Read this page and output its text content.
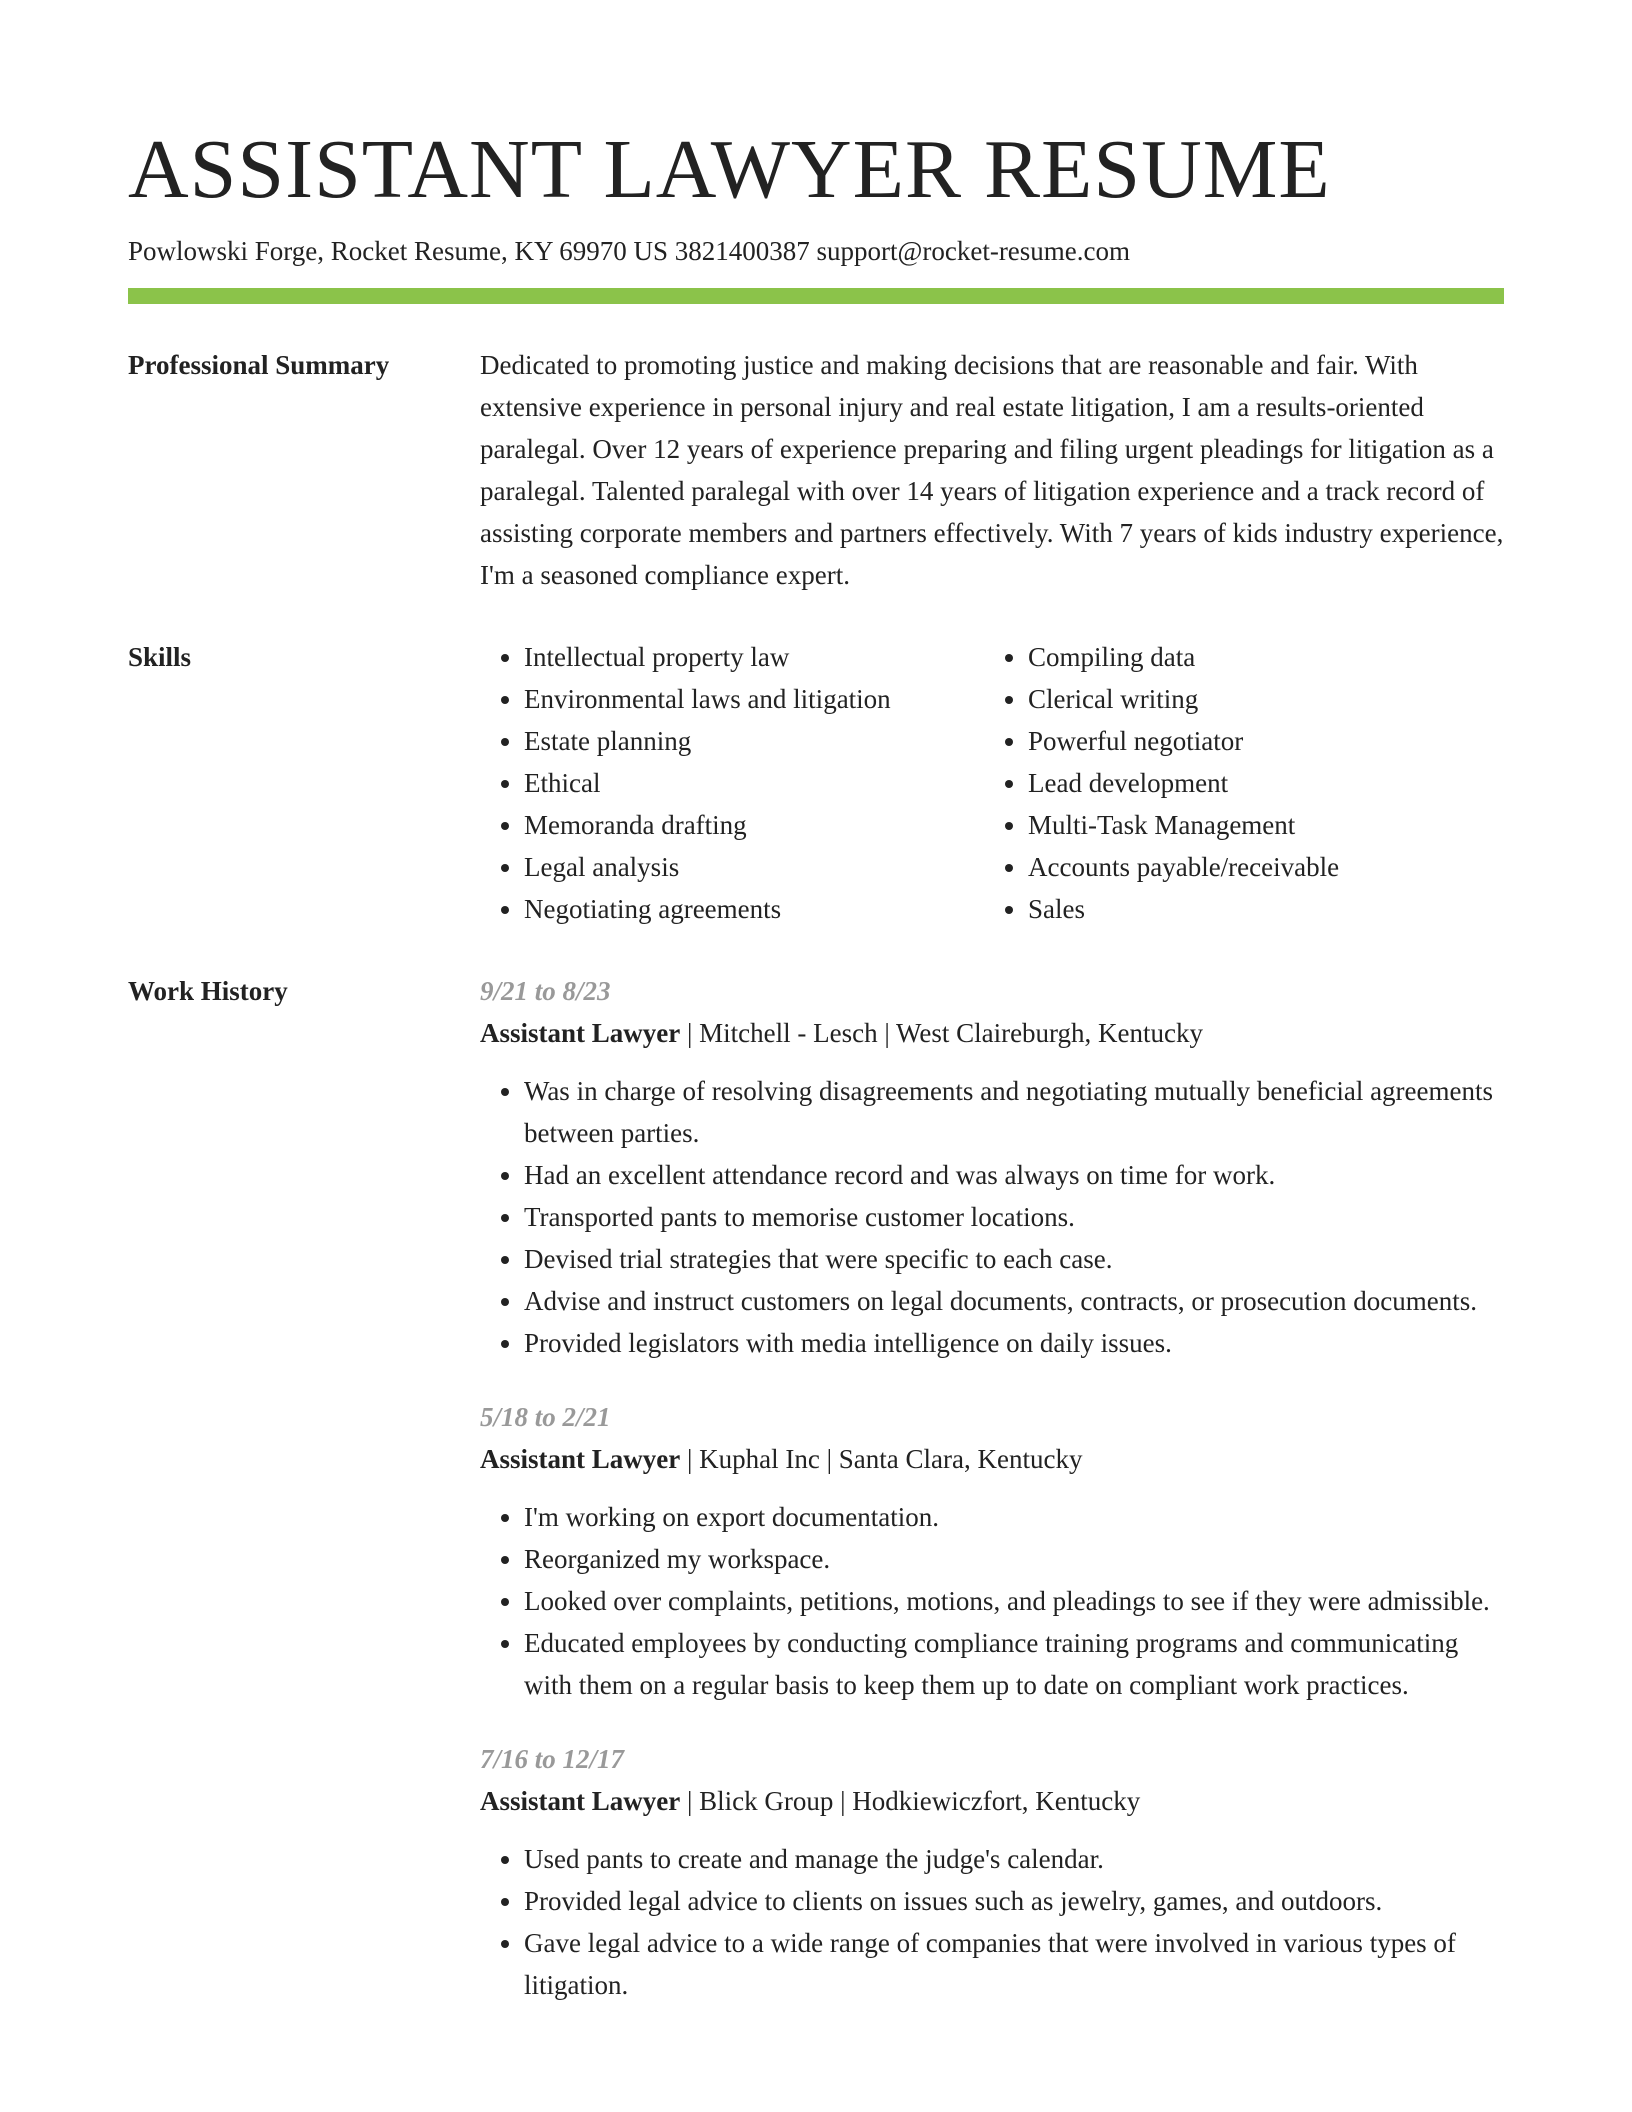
ASSISTANT LAWYER RESUME
Powlowski Forge, Rocket Resume, KY 69970 US 3821400387 support@rocket-resume.com
Professional Summary	Dedicated to promoting justice and making decisions that are reasonable and fair. With extensive experience in personal injury and real estate litigation, I am a results-oriented paralegal. Over 12 years of experience preparing and filing urgent pleadings for litigation as a paralegal. Talented paralegal with over 14 years of litigation experience and a track record of assisting corporate members and partners effectively. With 7 years of kids industry experience, I'm a seasoned compliance expert.

Skills
•	Intellectual property law
• Environmental laws and litigation
• Estate planning
• Ethical
• Memoranda drafting
• Legal analysis
• Negotiating agreements
• Compiling data
• Clerical writing
• Powerful negotiator
• Lead development
• Multi-Task Management
• Accounts payable/receivable
• Sales
Work History	9/21 to 8/23
Assistant Lawyer | Mitchell - Lesch | West Claireburgh, Kentucky
• Was in charge of resolving disagreements and negotiating mutually beneficial agreements between parties.
• Had an excellent attendance record and was always on time for work.
• Transported pants to memorise customer locations.
• Devised trial strategies that were specific to each case.
• Advise and instruct customers on legal documents, contracts, or prosecution documents.
• Provided legislators with media intelligence on daily issues.
5/18 to 2/21
Assistant Lawyer | Kuphal Inc | Santa Clara, Kentucky
• I'm working on export documentation.
• Reorganized my workspace.
• Looked over complaints, petitions, motions, and pleadings to see if they were admissible.
• Educated employees by conducting compliance training programs and communicating with them on a regular basis to keep them up to date on compliant work practices.
7/16 to 12/17
Assistant Lawyer | Blick Group | Hodkiewiczfort, Kentucky
• Used pants to create and manage the judge's calendar.
• Provided legal advice to clients on issues such as jewelry, games, and outdoors.
• Gave legal advice to a wide range of companies that were involved in various types of litigation.
